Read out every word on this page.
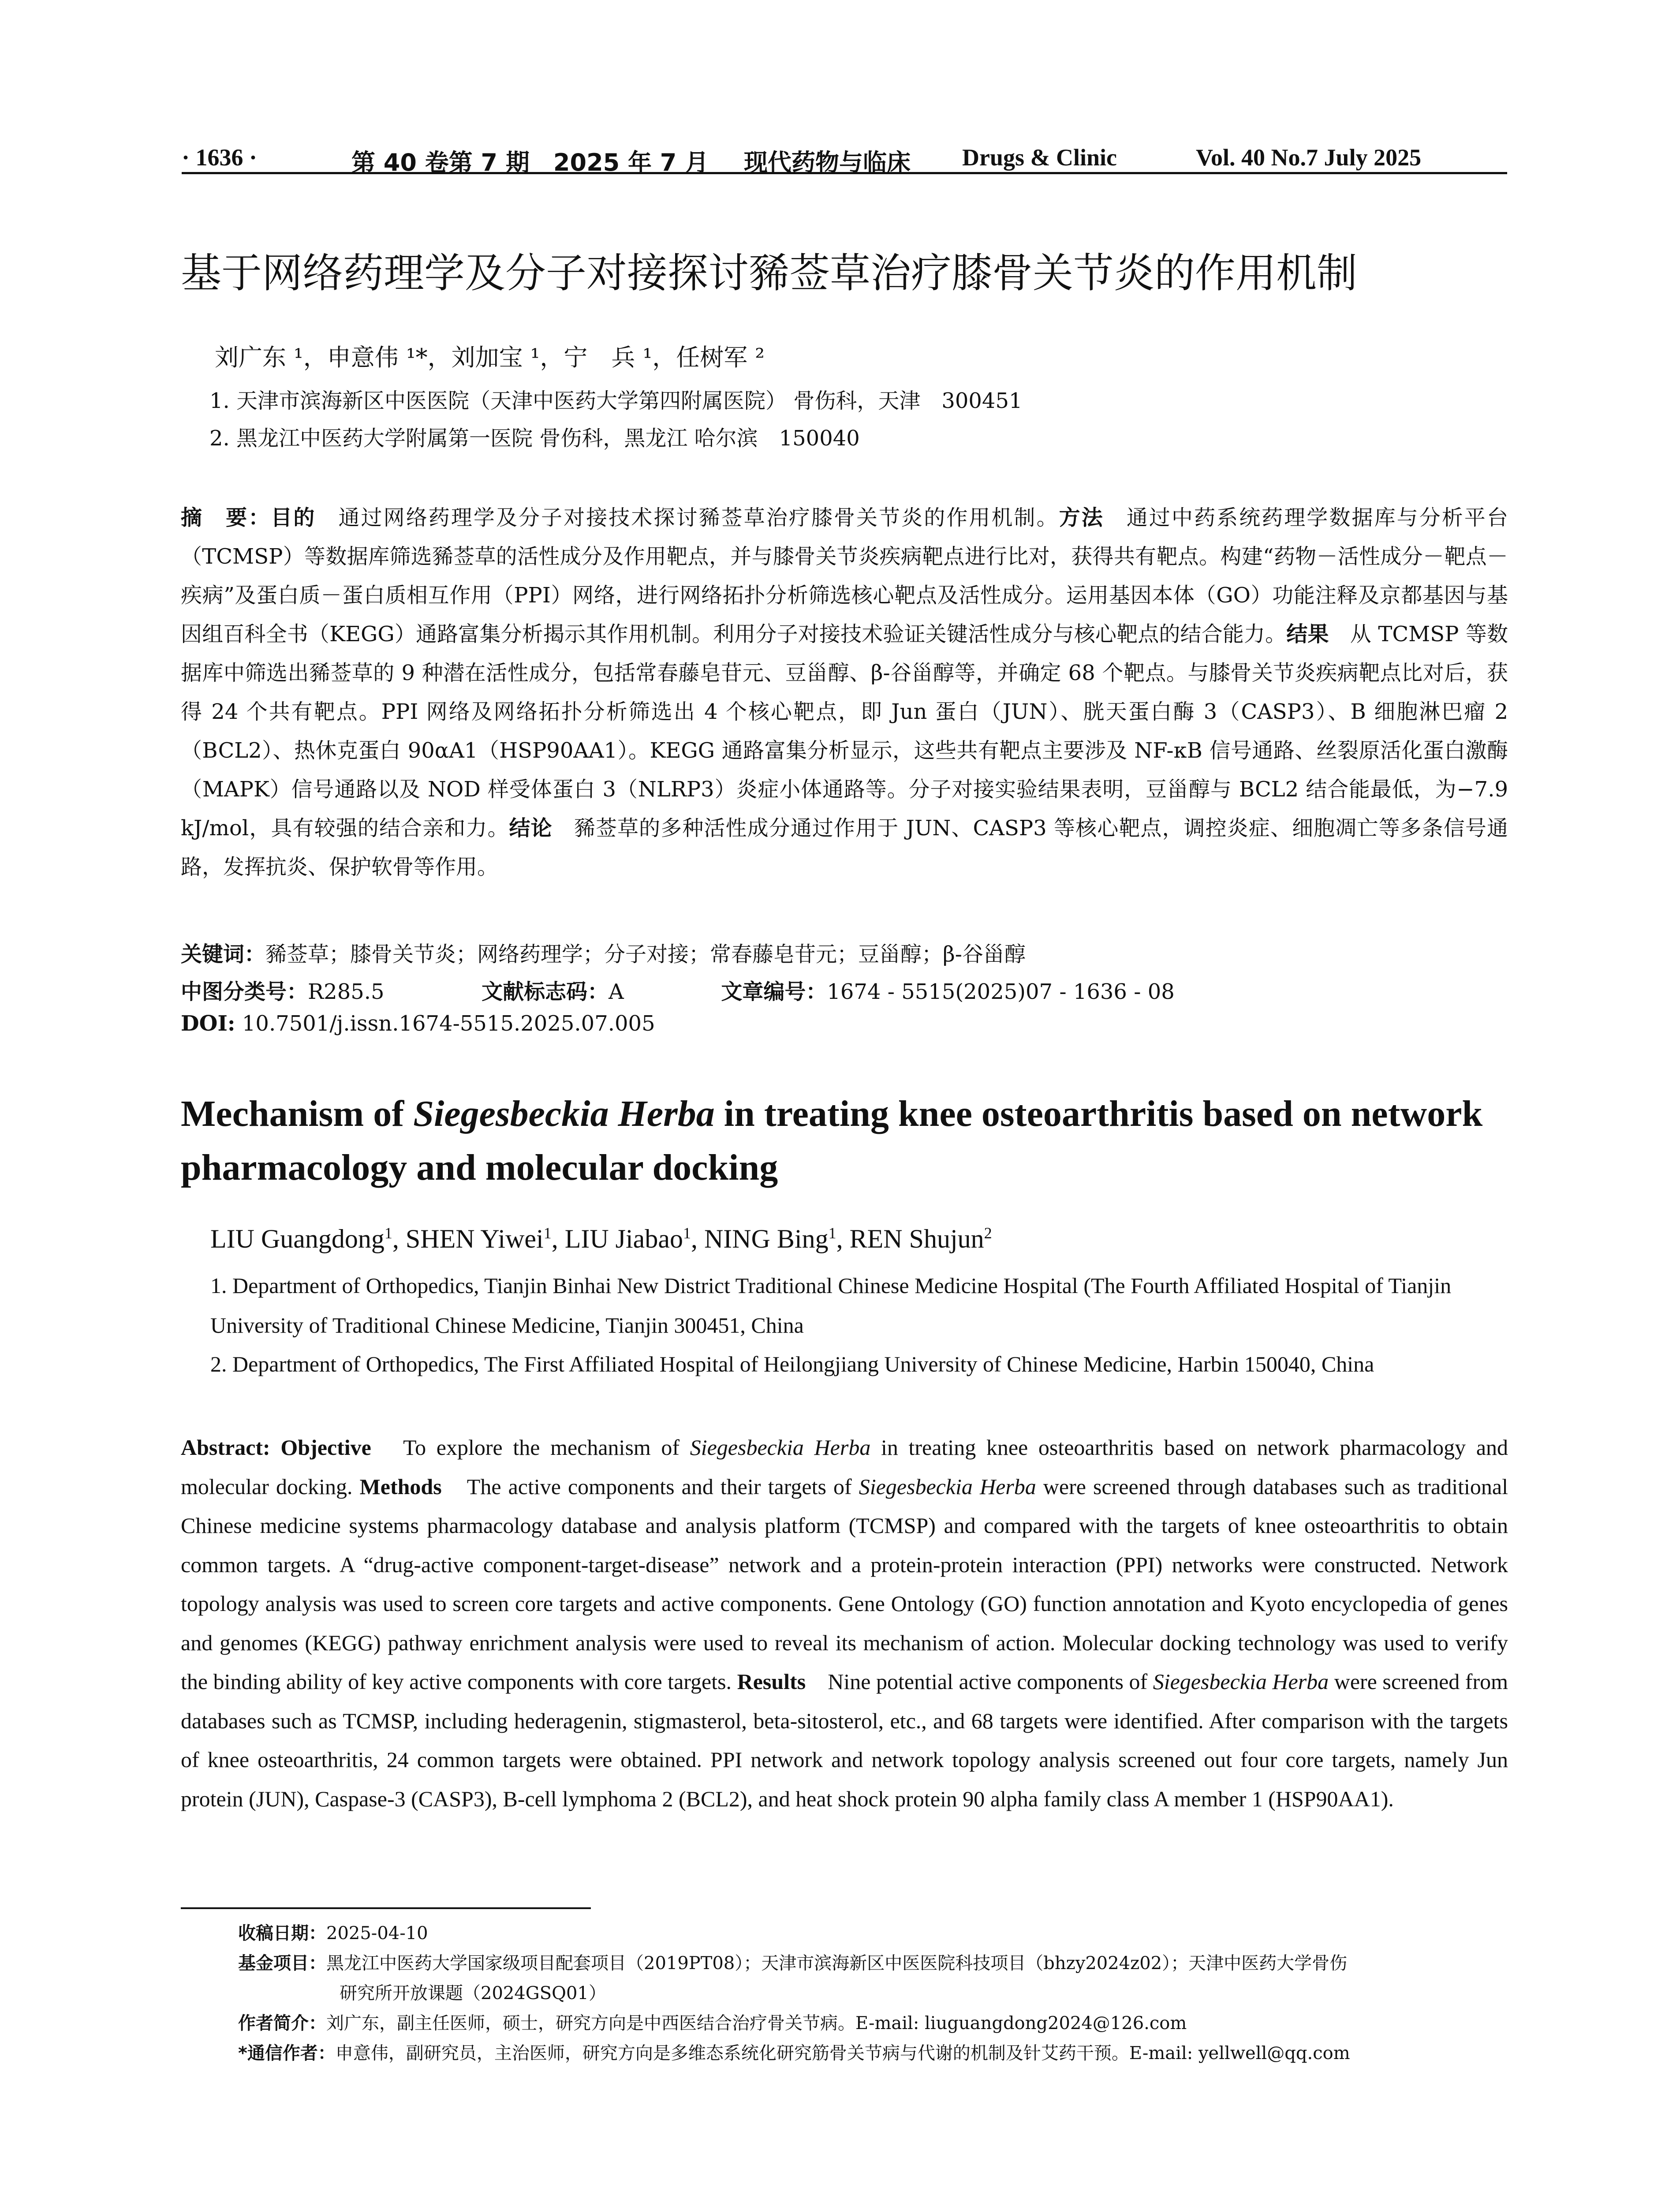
· 1636 ·	第 40 卷第 7 期　2025 年 7 月 现代药物与临床 Drugs & Clinic	Vol. 40 No.7 July 2025
基于网络药理学及分子对接探讨豨莶草治疗膝骨关节炎的作用机制
刘广东 ¹，申意伟 ¹*，刘加宝 ¹，宁　兵 ¹，任树军 ²
1. 天津市滨海新区中医医院（天津中医药大学第四附属医院） 骨伤科，天津　300451
2. 黑龙江中医药大学附属第一医院 骨伤科，黑龙江 哈尔滨　150040
摘　要：目的　通过网络药理学及分子对接技术探讨豨莶草治疗膝骨关节炎的作用机制。方法　通过中药系统药理学数据库与分析平台（TCMSP）等数据库筛选豨莶草的活性成分及作用靶点，并与膝骨关节炎疾病靶点进行比对，获得共有靶点。构建“药物－活性成分－靶点－疾病”及蛋白质－蛋白质相互作用（PPI）网络，进行网络拓扑分析筛选核心靶点及活性成分。运用基因本体（GO）功能注释及京都基因与基因组百科全书（KEGG）通路富集分析揭示其作用机制。利用分子对接技术验证关键活性成分与核心靶点的结合能力。结果　从 TCMSP 等数据库中筛选出豨莶草的 9 种潜在活性成分，包括常春藤皂苷元、豆甾醇、β-谷甾醇等，并确定 68 个靶点。与膝骨关节炎疾病靶点比对后，获得 24 个共有靶点。PPI 网络及网络拓扑分析筛选出 4 个核心靶点，即 Jun 蛋白（JUN）、胱天蛋白酶 3（CASP3）、B 细胞淋巴瘤 2（BCL2）、热休克蛋白 90αA1（HSP90AA1）。KEGG 通路富集分析显示，这些共有靶点主要涉及 NF-κB 信号通路、丝裂原活化蛋白激酶（MAPK）信号通路以及 NOD 样受体蛋白 3（NLRP3）炎症小体通路等。分子对接实验结果表明，豆甾醇与 BCL2 结合能最低，为−7.9 kJ/mol，具有较强的结合亲和力。结论　豨莶草的多种活性成分通过作用于 JUN、CASP3 等核心靶点，调控炎症、细胞凋亡等多条信号通路，发挥抗炎、保护软骨等作用。
关键词：豨莶草；膝骨关节炎；网络药理学；分子对接；常春藤皂苷元；豆甾醇；β-谷甾醇
中图分类号：R285.5	文献标志码：A	文章编号：1674 - 5515(2025)07 - 1636 - 08
DOI: 10.7501/j.issn.1674-5515.2025.07.005
Mechanism of Siegesbeckia Herba in treating knee osteoarthritis based on network pharmacology and molecular docking
LIU Guangdong$^1$, SHEN Yiwei$^1$, LIU Jiabao$^1$, NING Bing$^1$, REN Shujun$^2$
1. Department of Orthopedics, Tianjin Binhai New District Traditional Chinese Medicine Hospital (The Fourth Affiliated Hospital of Tianjin University of Traditional Chinese Medicine, Tianjin 300451, China
2. Department of Orthopedics, The First Affiliated Hospital of Heilongjiang University of Chinese Medicine, Harbin 150040, China
Abstract: Objective　To explore the mechanism of Siegesbeckia Herba in treating knee osteoarthritis based on network pharmacology and molecular docking. Methods　The active components and their targets of Siegesbeckia Herba were screened through databases such as traditional Chinese medicine systems pharmacology database and analysis platform (TCMSP) and compared with the targets of knee osteoarthritis to obtain common targets. A “drug-active component-target-disease” network and a protein-protein interaction (PPI) networks were constructed. Network topology analysis was used to screen core targets and active components. Gene Ontology (GO) function annotation and Kyoto encyclopedia of genes and genomes (KEGG) pathway enrichment analysis were used to reveal its mechanism of action. Molecular docking technology was used to verify the binding ability of key active components with core targets. Results　Nine potential active components of Siegesbeckia Herba were screened from databases such as TCMSP, including hederagenin, stigmasterol, beta-sitosterol, etc., and 68 targets were identified. After comparison with the targets of knee osteoarthritis, 24 common targets were obtained. PPI network and network topology analysis screened out four core targets, namely Jun protein (JUN), Caspase-3 (CASP3), B-cell lymphoma 2 (BCL2), and heat shock protein 90 alpha family class A member 1 (HSP90AA1).

收稿日期：2025-04-10

基金项目：黑龙江中医药大学国家级项目配套项目（2019PT08）；天津市滨海新区中医医院科技项目（bhzy2024z02）；天津中医药大学骨伤

研究所开放课题（2024GSQ01）

作者简介：刘广东，副主任医师，硕士，研究方向是中西医结合治疗骨关节病。E-mail: liuguangdong2024@126.com

*通信作者：申意伟，副研究员，主治医师，研究方向是多维态系统化研究筋骨关节病与代谢的机制及针艾药干预。E-mail: yellwell@qq.com
